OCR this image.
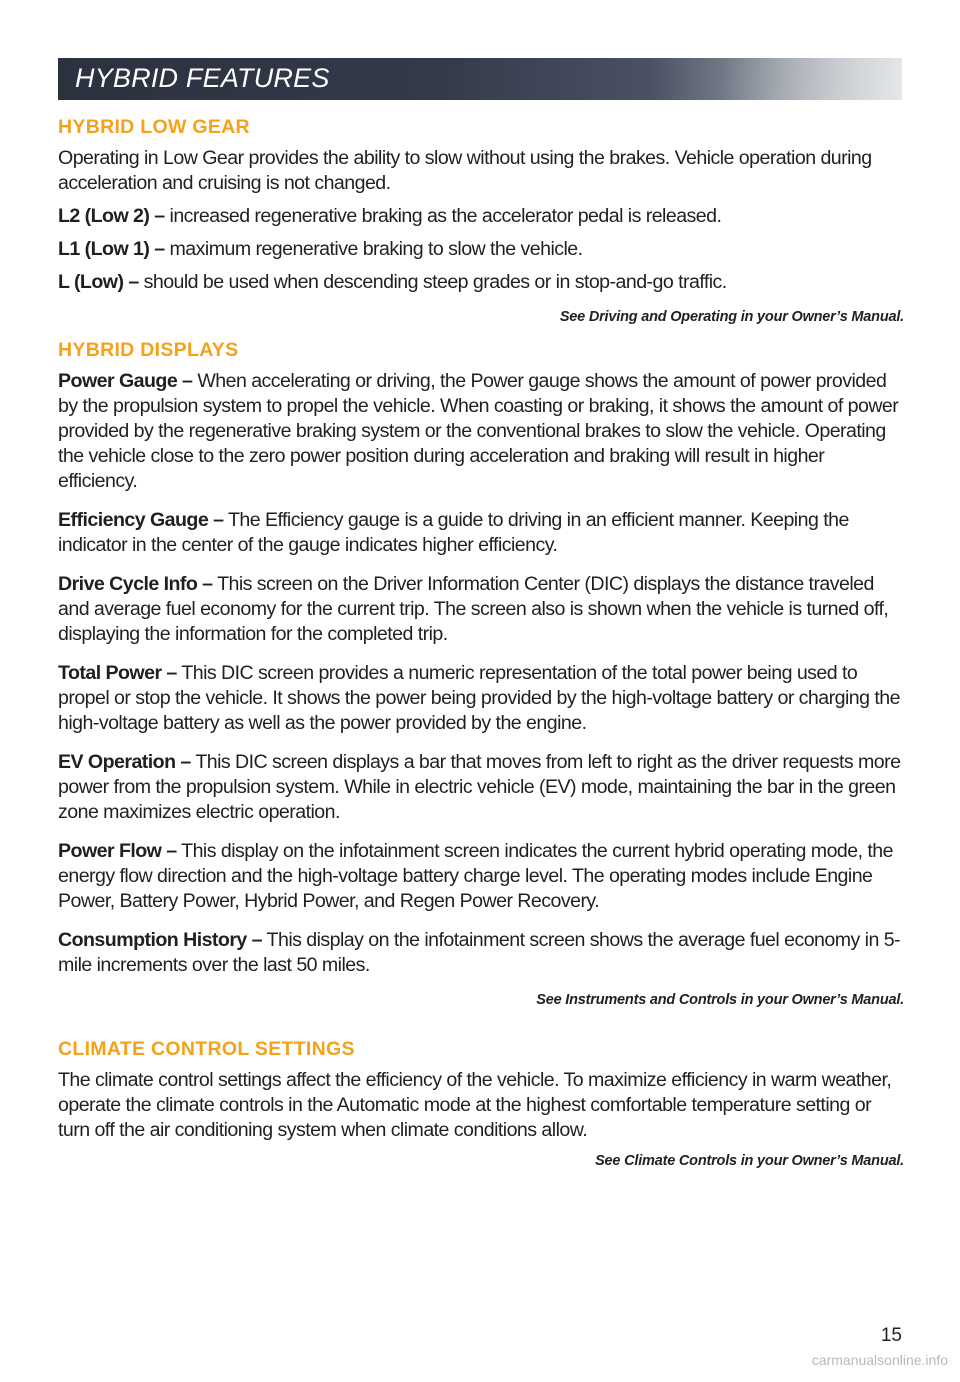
HYBRID FEATURES
HYBRID LOW GEAR

Operating in Low Gear provides the ability to slow without using the brakes. Vehicle operation during acceleration and cruising is not changed.

L2 (Low 2) – increased regenerative braking as the accelerator pedal is released.

L1 (Low 1) – maximum regenerative braking to slow the vehicle.

L (Low) – should be used when descending steep grades or in stop-and-go traffic.

See Driving and Operating in your Owner’s Manual.
HYBRID DISPLAYS

Power Gauge – When accelerating or driving, the Power gauge shows the amount of power provided by the propulsion system to propel the vehicle. When coasting or braking, it shows the amount of power provided by the regenerative braking system or the conventional brakes to slow the vehicle. Operating the vehicle close to the zero power position during acceleration and braking will result in higher efficiency.

Efficiency Gauge – The Efficiency gauge is a guide to driving in an efficient manner. Keeping the indicator in the center of the gauge indicates higher efficiency.

Drive Cycle Info – This screen on the Driver Information Center (DIC) displays the distance traveled and average fuel economy for the current trip. The screen also is shown when the vehicle is turned off, displaying the information for the completed trip.

Total Power – This DIC screen provides a numeric representation of the total power being used to propel or stop the vehicle. It shows the power being provided by the high-voltage battery or charging the high-voltage battery as well as the power provided by the engine.

EV Operation – This DIC screen displays a bar that moves from left to right as the driver requests more power from the propulsion system. While in electric vehicle (EV) mode, maintaining the bar in the green zone maximizes electric operation.

Power Flow – This display on the infotainment screen indicates the current hybrid operating mode, the energy flow direction and the high-voltage battery charge level. The operating modes include Engine Power, Battery Power, Hybrid Power, and Regen Power Recovery.

Consumption History – This display on the infotainment screen shows the average fuel economy in 5-mile increments over the last 50 miles.

See Instruments and Controls in your Owner’s Manual.
CLIMATE CONTROL SETTINGS

The climate control settings affect the efficiency of the vehicle. To maximize efficiency in warm weather, operate the climate controls in the Automatic mode at the highest comfortable temperature setting or turn off the air conditioning system when climate conditions allow.

See Climate Controls in your Owner’s Manual.
15
carmanualsonline.info
